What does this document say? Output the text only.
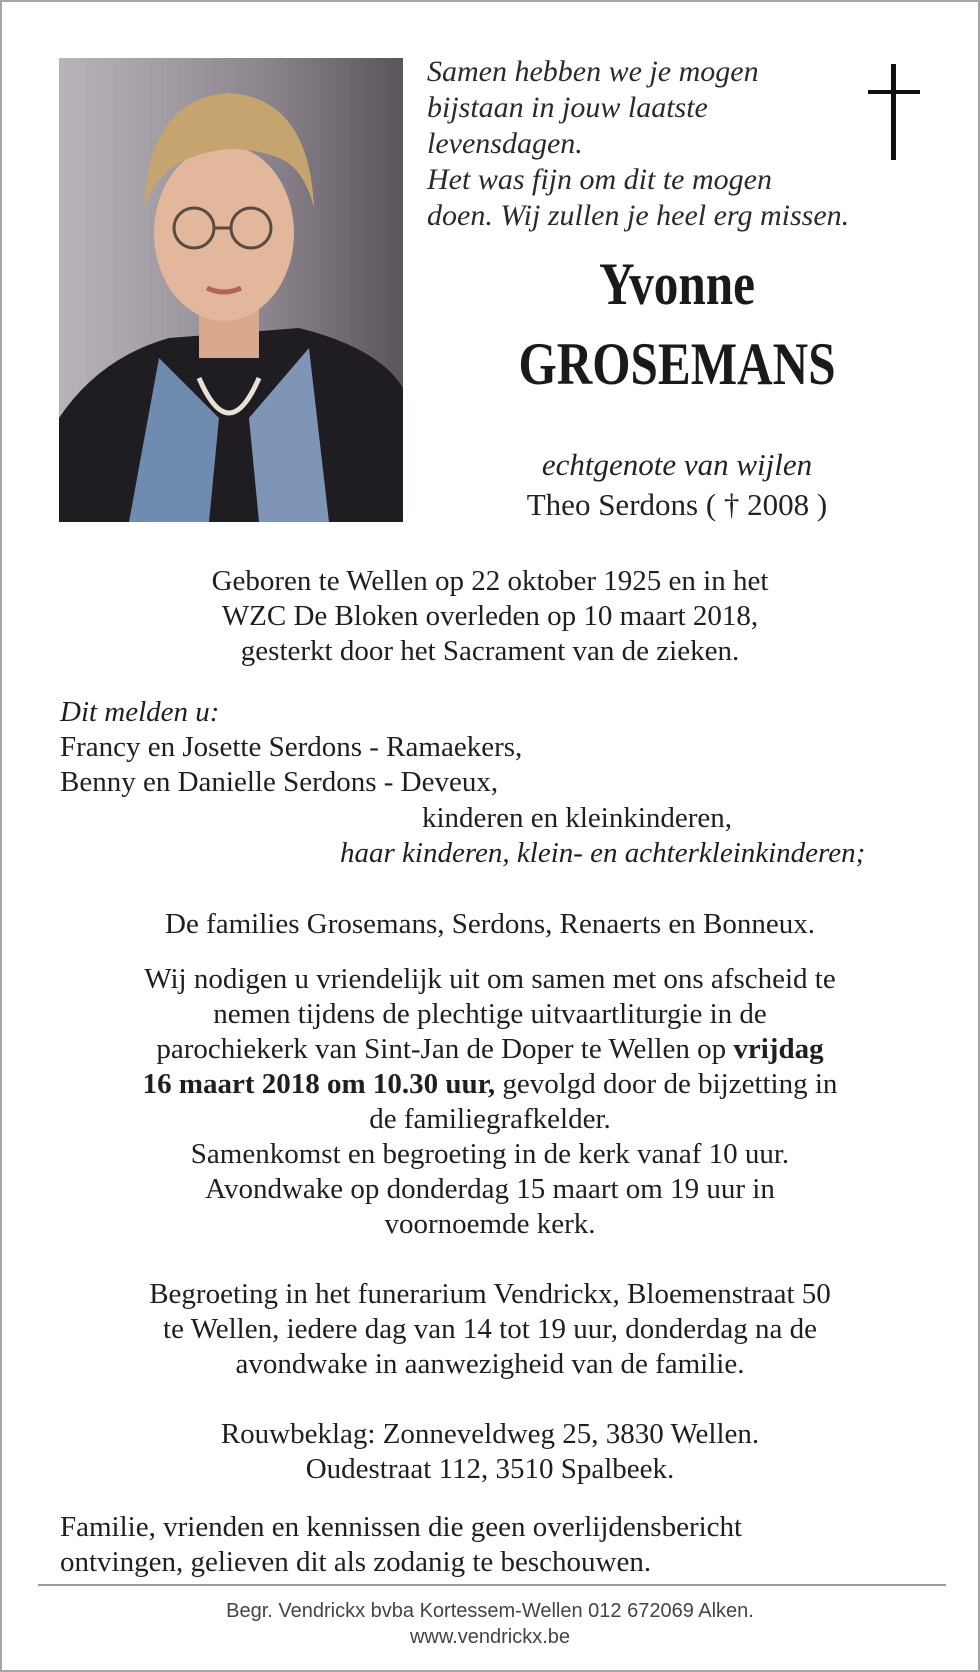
Samen hebben we je mogen
bijstaan in jouw laatste
levensdagen.
Het was fijn om dit te mogen
doen. Wij zullen je heel erg missen.
Yvonne
GROSEMANS
echtgenote van wijlen
Theo Serdons ( † 2008 )
Geboren te Wellen op 22 oktober 1925 en in het
WZC De Bloken overleden op 10 maart 2018,
gesterkt door het Sacrament van de zieken.
Dit melden u:
Francy en Josette Serdons - Ramaekers,
Benny en Danielle Serdons - Deveux,
kinderen en kleinkinderen,
haar kinderen, klein- en achterkleinkinderen;
De families Grosemans, Serdons, Renaerts en Bonneux.
Wij nodigen u vriendelijk uit om samen met ons afscheid te
nemen tijdens de plechtige uitvaartliturgie in de
parochiekerk van Sint-Jan de Doper te Wellen op vrijdag
16 maart 2018 om 10.30 uur, gevolgd door de bijzetting in
de familiegrafkelder.
Samenkomst en begroeting in de kerk vanaf 10 uur.
Avondwake op donderdag 15 maart om 19 uur in
voornoemde kerk.
Begroeting in het funerarium Vendrickx, Bloemenstraat 50
te Wellen, iedere dag van 14 tot 19 uur, donderdag na de
avondwake in aanwezigheid van de familie.
Rouwbeklag: Zonneveldweg 25, 3830 Wellen.
Oudestraat 112, 3510 Spalbeek.
Familie, vrienden en kennissen die geen overlijdensbericht
ontvingen, gelieven dit als zodanig te beschouwen.
Begr. Vendrickx bvba Kortessem-Wellen 012 672069 Alken.
www.vendrickx.be
